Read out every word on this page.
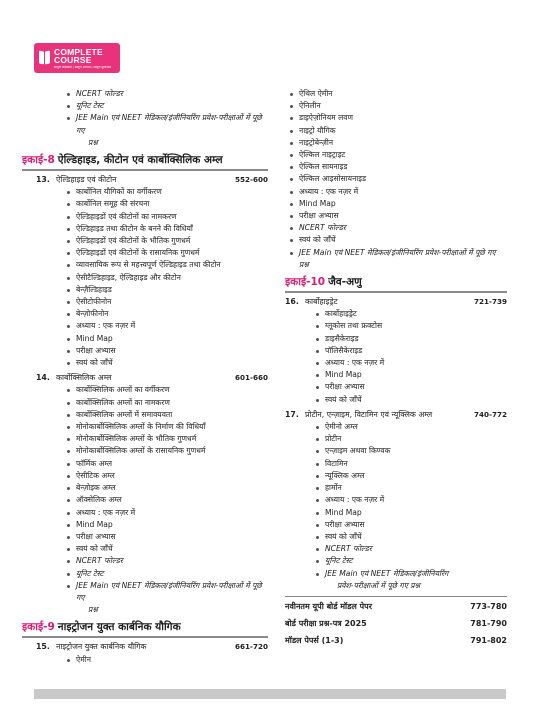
COMPLETE
COURSE
सम्पूर्ण पाठ्यक्रम | सम्पूर्ण अभ्यास | सम्पूर्ण मूल्यांकन
NCERT फोल्डर
यूनिट टेस्ट
JEE Main एवं NEET मेडिकल/इंजीनियरिंग प्रवेश-परीक्षाओं में पूछे गए
प्रश्न
इकाई-8 ऐल्डिहाइड, कीटोन एवं कार्बोक्सिलिक अम्ल
13. ऐल्डिहाइड एवं कीटोन	552-600
कार्बोनिल यौगिकों का वर्गीकरण
कार्बोनिल समूह की संरचना
ऐल्डिहाइडों एवं कीटोनों का नामकरण
ऐल्डिहाइड तथा कीटोन के बनने की विधियाँ
ऐल्डिहाइडों एवं कीटोनों के भौतिक गुणधर्म
ऐल्डिहाइडों एवं कीटोनों के रासायनिक गुणधर्म
व्यावसायिक रूप से महत्त्वपूर्ण ऐल्डिहाइड तथा कीटोन
ऐसीटैल्डिहाइड, ऐल्डिहाइड और कीटोन
बेन्ज़ैल्डिहाइड
ऐसीटोफीनोन
बेन्ज़ोफीनोन
अध्याय : एक नज़र में
Mind Map
परीक्षा अभ्यास
स्वयं को जाँचें
14. कार्बोक्सिलिक अम्ल	601-660
कार्बोक्सिलिक अम्लों का वर्गीकरण
कार्बोक्सिलिक अम्लों का नामकरण
कार्बोक्सिलिक अम्लों में समावयवता
मोनोकार्बोक्सिलिक अम्लों के निर्माण की विधियाँ
मोनोकार्बोक्सिलिक अम्लों के भौतिक गुणधर्म
मोनोकार्बोक्सिलिक अम्लों के रासायनिक गुणधर्म
फॉर्मिक अम्ल
ऐसीटिक अम्ल
बेन्ज़ोइक अम्ल
ऑक्सेलिक अम्ल
अध्याय : एक नज़र में
Mind Map
परीक्षा अभ्यास
स्वयं को जाँचें
NCERT फोल्डर
यूनिट टेस्ट
JEE Main एवं NEET मेडिकल/इंजीनियरिंग प्रवेश-परीक्षाओं में पूछे गए
प्रश्न
इकाई-9 नाइट्रोजन युक्त कार्बनिक यौगिक
15. नाइट्रोजन युक्त कार्बनिक यौगिक	661-720
ऐमीन
ऐथिल ऐमीन
ऐनिलीन
डाइऐज़ोनियम लवण
नाइट्रो यौगिक
नाइट्रोबेन्ज़ीन
ऐल्किल नाइट्राइट
ऐल्किल सायनाइड
ऐल्किल आइसोसायनाइड
अध्याय : एक नज़र में
Mind Map
परीक्षा अभ्यास
NCERT फोल्डर
स्वयं को जाँचें
JEE Main एवं NEET मेडिकल/इंजीनियरिंग प्रवेश-परीक्षाओं में पूछे गए
प्रश्न
इकाई-10 जैव-अणु
16. कार्बोहाइड्रेट	721-739
कार्बोहाइड्रेट
ग्लूकोस तथा फ्रक्टोस
डाइसैकेराइड
पॉलिसैकेराइड
अध्याय : एक नज़र में
Mind Map
परीक्षा अभ्यास
स्वयं को जाँचें
17. प्रोटीन, एन्ज़ाइम, विटामिन एवं न्यूक्लिक अम्ल	740-772
ऐमीनो अम्ल
प्रोटीन
एन्ज़ाइम अथवा किण्वक
विटामिन
न्यूक्लिक अम्ल
हार्मोन
अध्याय : एक नज़र में
Mind Map
परीक्षा अभ्यास
स्वयं को जाँचें
NCERT फोल्डर
यूनिट टेस्ट
JEE Main एवं NEET मेडिकल/इंजीनियरिंग
प्रवेश-परीक्षाओं में पूछे गए प्रश्न
नवीनतम यूपी बोर्ड मॉडल पेपर	773-780
बोर्ड परीक्षा प्रश्न-पत्र 2025	781-790
मॉडल पेपर्स (1-3)	791-802
